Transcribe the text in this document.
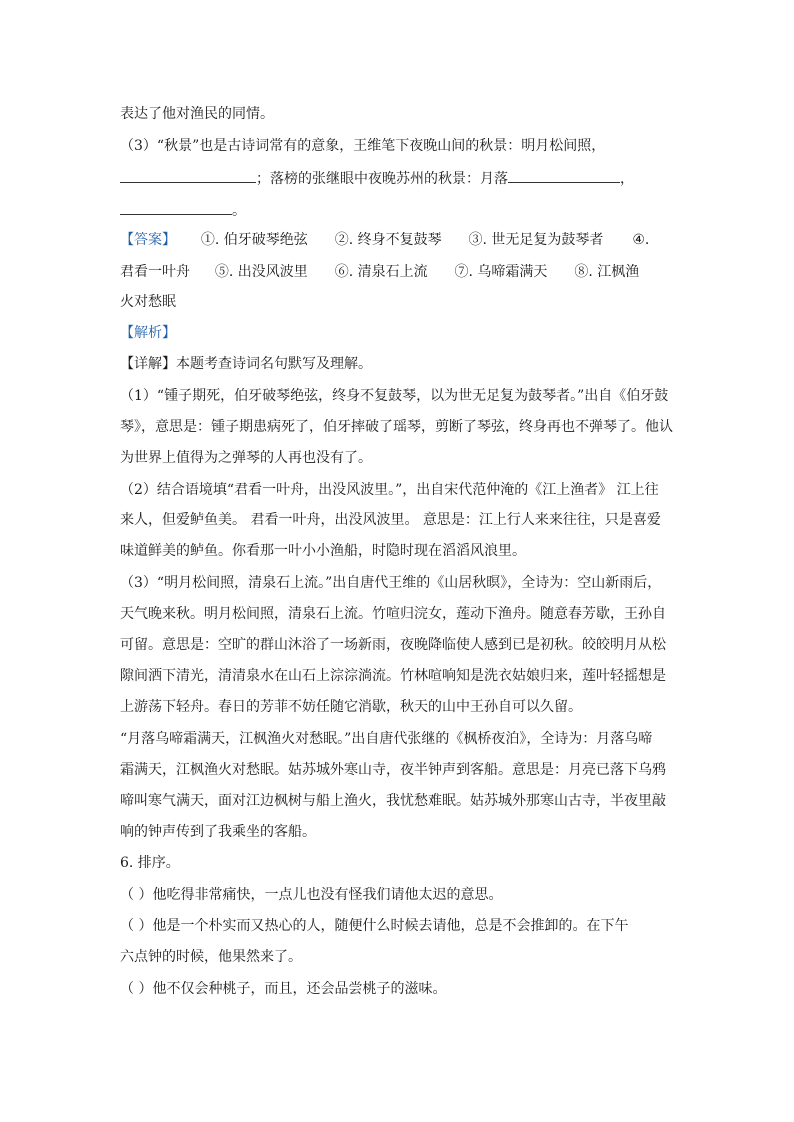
表达了他对渔民的同情。
（3）“秋景”也是古诗词常有的意象，王维笔下夜晚山间的秋景：明月松间照，
；落榜的张继眼中夜晚苏州的秋景：月落	，
。
【答案】 ①. 伯牙破琴绝弦 ②. 终身不复鼓琴 ③. 世无足复为鼓琴者 ④.
君看一叶舟 ⑤. 出没风波里 ⑥. 清泉石上流 ⑦. 乌啼霜满天 ⑧. 江枫渔
火对愁眠
【解析】
【详解】本题考查诗词名句默写及理解。
（1）“锺子期死，伯牙破琴绝弦，终身不复鼓琴，以为世无足复为鼓琴者。”出自《伯牙鼓
琴》，意思是：锺子期患病死了，伯牙摔破了瑶琴，剪断了琴弦，终身再也不弹琴了。他认
为世界上值得为之弹琴的人再也没有了。
（2）结合语境填“君看一叶舟，出没风波里。”，出自宋代范仲淹的《江上渔者》 江上往
来人，但爱鲈鱼美。 君看一叶舟，出没风波里。 意思是：江上行人来来往往，只是喜爱
味道鲜美的鲈鱼。你看那一叶小小渔船，时隐时现在滔滔风浪里。
（3）“明月松间照，清泉石上流。”出自唐代王维的《山居秋暝》，全诗为：空山新雨后，
天气晚来秋。明月松间照，清泉石上流。竹喧归浣女，莲动下渔舟。随意春芳歇，王孙自
可留。意思是：空旷的群山沐浴了一场新雨，夜晚降临使人感到已是初秋。皎皎明月从松
隙间洒下清光，清清泉水在山石上淙淙淌流。竹林喧响知是洗衣姑娘归来，莲叶轻摇想是
上游荡下轻舟。春日的芳菲不妨任随它消歇，秋天的山中王孙自可以久留。
“月落乌啼霜满天，江枫渔火对愁眠。”出自唐代张继的《枫桥夜泊》，全诗为：月落乌啼
霜满天，江枫渔火对愁眠。姑苏城外寒山寺，夜半钟声到客船。意思是：月亮已落下乌鸦
啼叫寒气满天，面对江边枫树与船上渔火，我忧愁难眠。姑苏城外那寒山古寺，半夜里敲
响的钟声传到了我乘坐的客船。
6. 排序。
（ ）他吃得非常痛快，一点儿也没有怪我们请他太迟的意思。
（ ）他是一个朴实而又热心的人，随便什么时候去请他，总是不会推卸的。在下午
六点钟的时候，他果然来了。
（ ）他不仅会种桃子，而且，还会品尝桃子的滋味。
